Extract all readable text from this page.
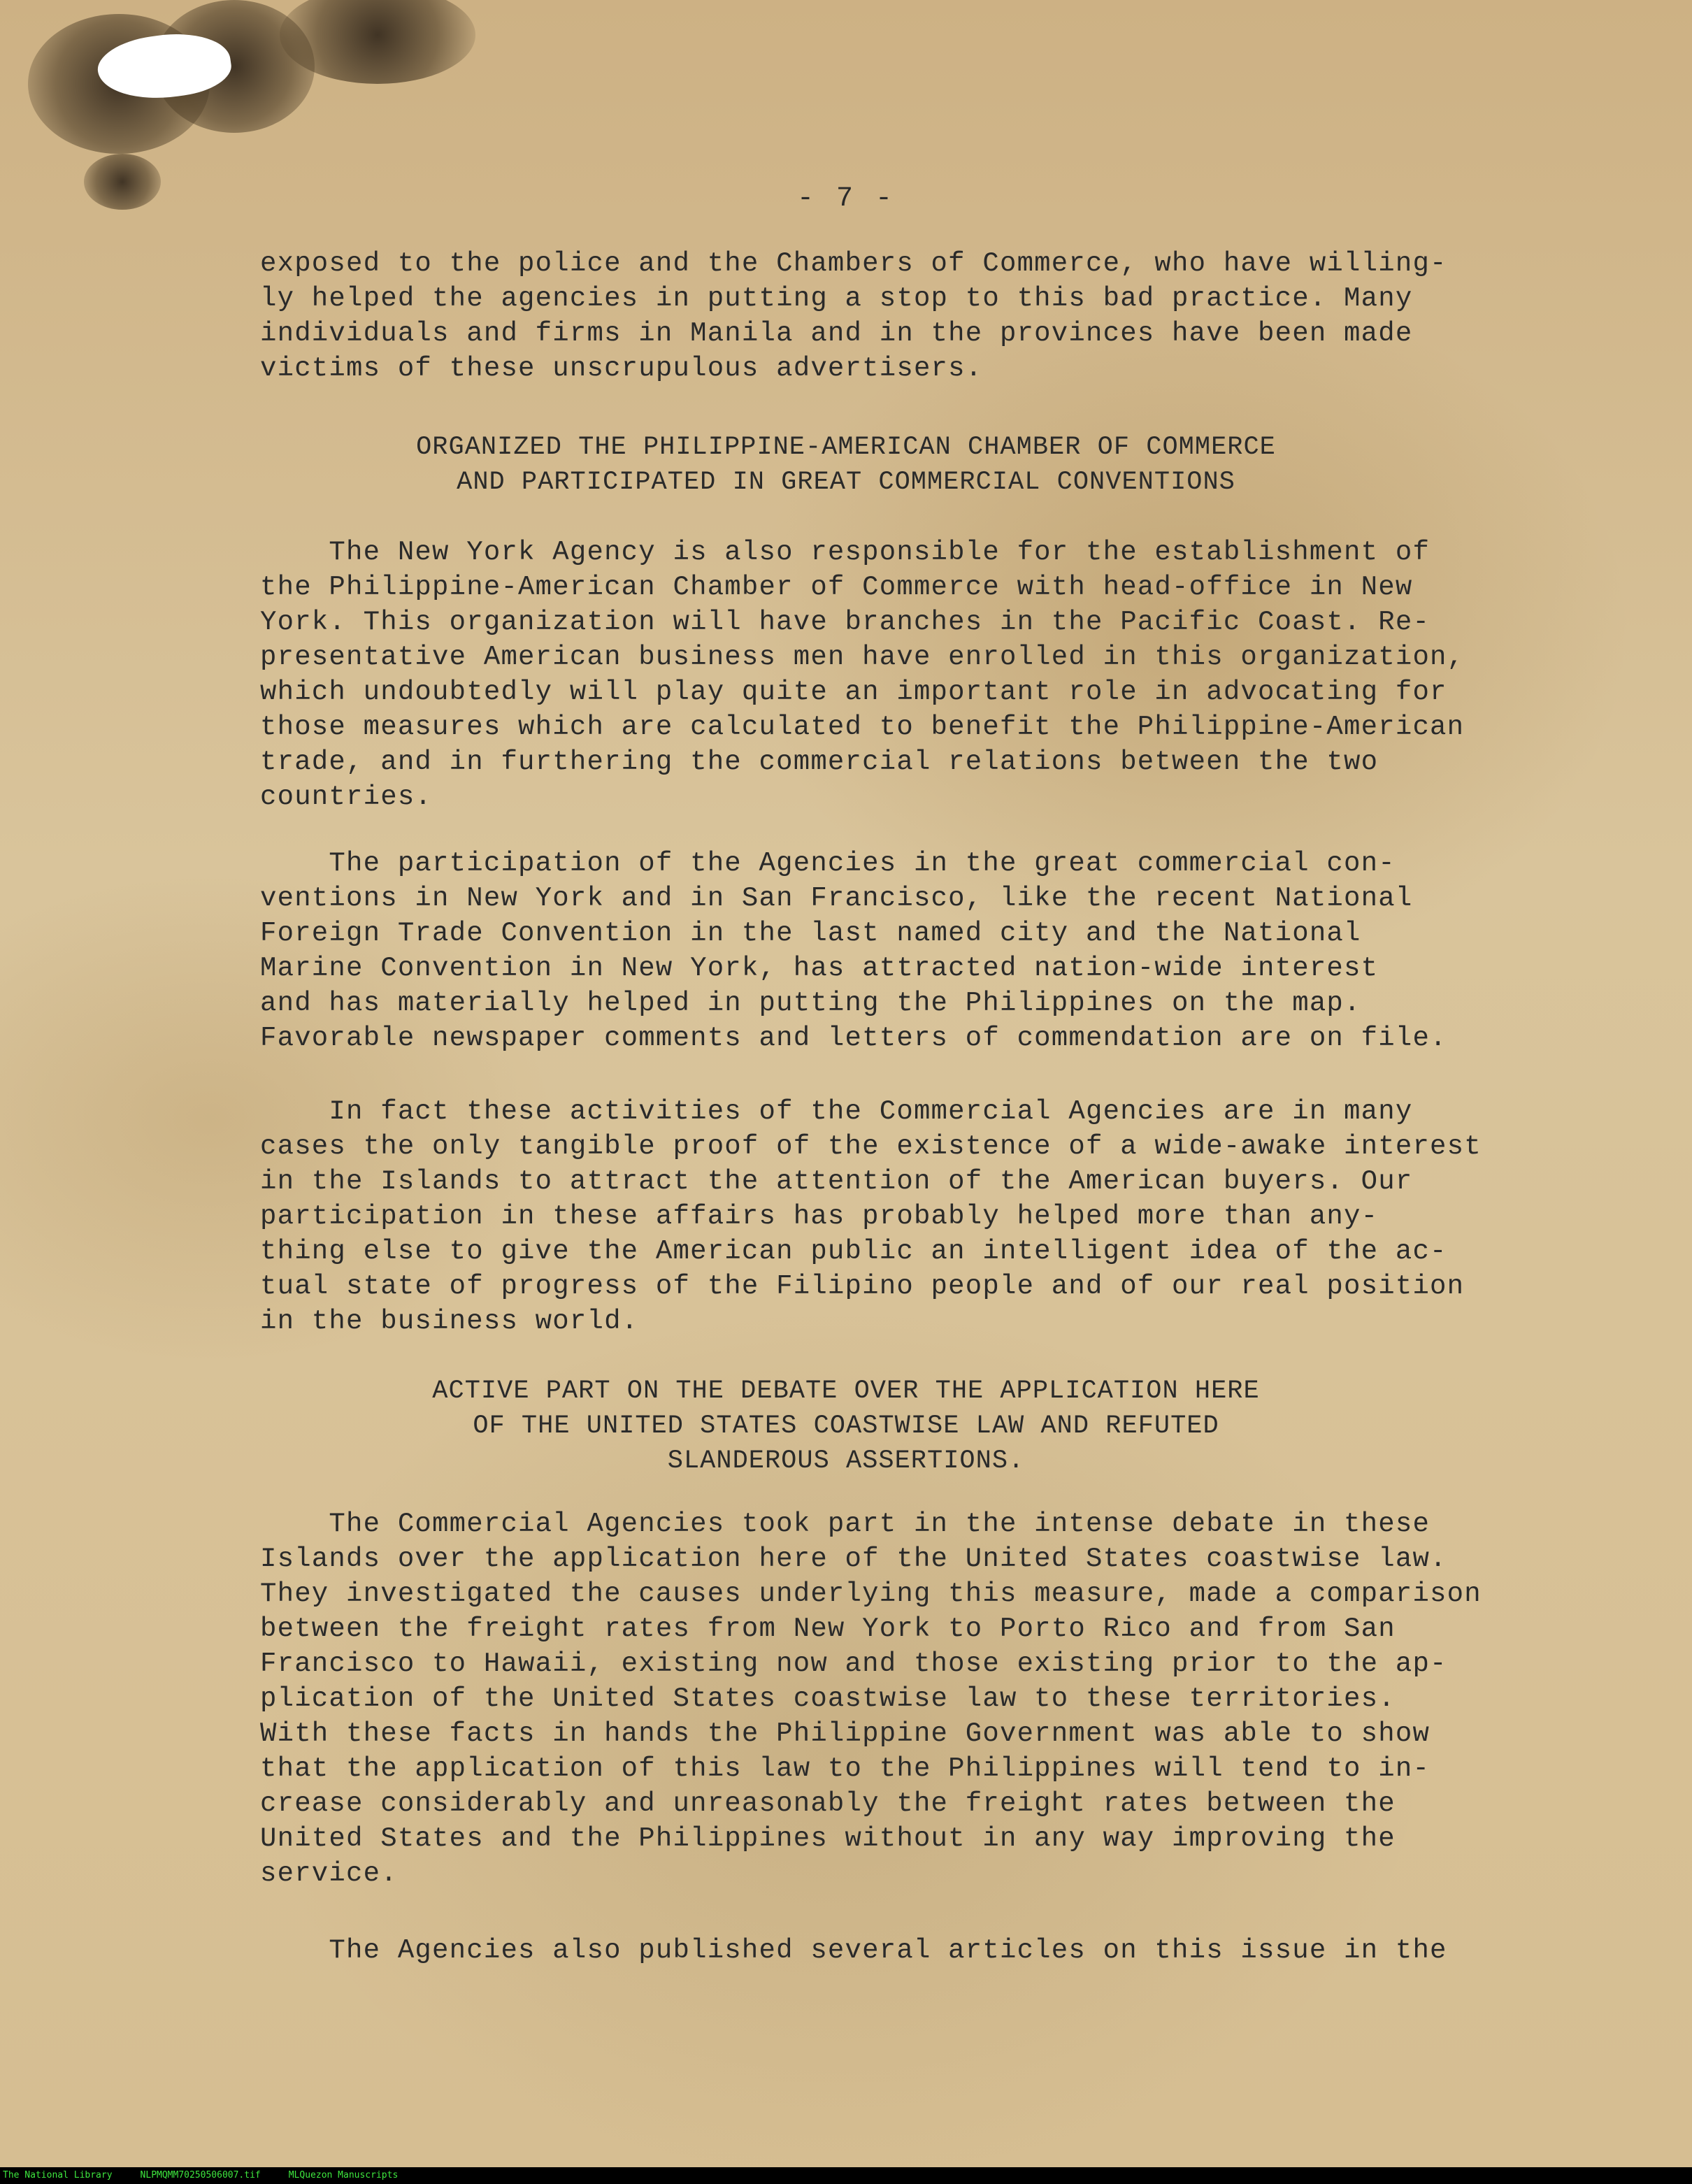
- 7 -
exposed to the police and the Chambers of Commerce, who have willing-
ly helped the agencies in putting a stop to this bad practice. Many
individuals and firms in Manila and in the provinces have been made
victims of these unscrupulous advertisers.
ORGANIZED THE PHILIPPINE-AMERICAN CHAMBER OF COMMERCE
AND PARTICIPATED IN GREAT COMMERCIAL CONVENTIONS
The New York Agency is also responsible for the establishment of
the Philippine-American Chamber of Commerce with head-office in New
York. This organization will have branches in the Pacific Coast. Re-
presentative American business men have enrolled in this organization,
which undoubtedly will play quite an important role in advocating for
those measures which are calculated to benefit the Philippine-American
trade, and in furthering the commercial relations between the two
countries.
The participation of the Agencies in the great commercial con-
ventions in New York and in San Francisco, like the recent National
Foreign Trade Convention in the last named city and the National
Marine Convention in New York, has attracted nation-wide interest
and has materially helped in putting the Philippines on the map.
Favorable newspaper comments and letters of commendation are on file.
In fact these activities of the Commercial Agencies are in many
cases the only tangible proof of the existence of a wide-awake interest
in the Islands to attract the attention of the American buyers. Our
participation in these affairs has probably helped more than any-
thing else to give the American public an intelligent idea of the ac-
tual state of progress of the Filipino people and of our real position
in the business world.
ACTIVE PART ON THE DEBATE OVER THE APPLICATION HERE
OF THE UNITED STATES COASTWISE LAW AND REFUTED
SLANDEROUS ASSERTIONS.
The Commercial Agencies took part in the intense debate in these
Islands over the application here of the United States coastwise law.
They investigated the causes underlying this measure, made a comparison
between the freight rates from New York to Porto Rico and from San
Francisco to Hawaii, existing now and those existing prior to the ap-
plication of the United States coastwise law to these territories.
With these facts in hands the Philippine Government was able to show
that the application of this law to the Philippines will tend to in-
crease considerably and unreasonably the freight rates between the
United States and the Philippines without in any way improving the
service.
The Agencies also published several articles on this issue in the
The National Library	NLPMQMM70250506007.tif	MLQuezon Manuscripts
